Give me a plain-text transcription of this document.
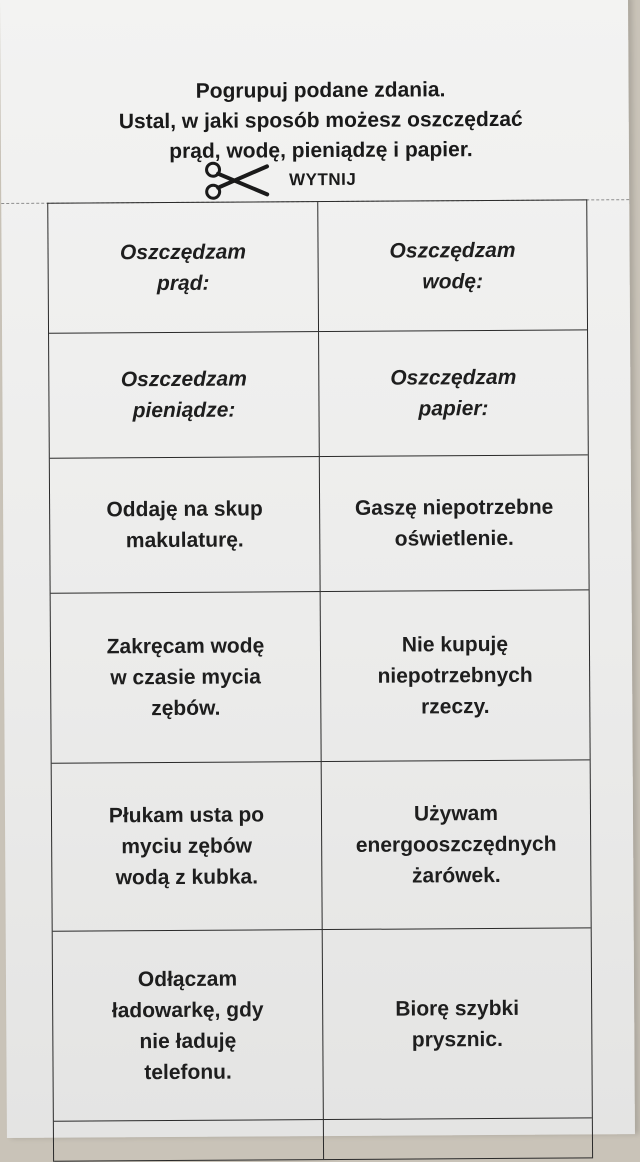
Pogrupuj podane zdania.
Ustal, w jaki sposób możesz oszczędzać
prąd, wodę, pieniądzę i papier.
WYTNIJ
Oszczędzam
prąd:
Oszczędzam
wodę:
Oszczedzam
pieniądze:
Oszczędzam
papier:
Oddaję na skup
makulaturę.
Gaszę niepotrzebne
oświetlenie.
Zakręcam wodę
w czasie mycia
zębów.
Nie kupuję
niepotrzebnych
rzeczy.
Płukam usta po
myciu zębów
wodą z kubka.
Używam
energooszczędnych
żarówek.
Odłączam
ładowarkę, gdy
nie ładuję
telefonu.
Biorę szybki
prysznic.
